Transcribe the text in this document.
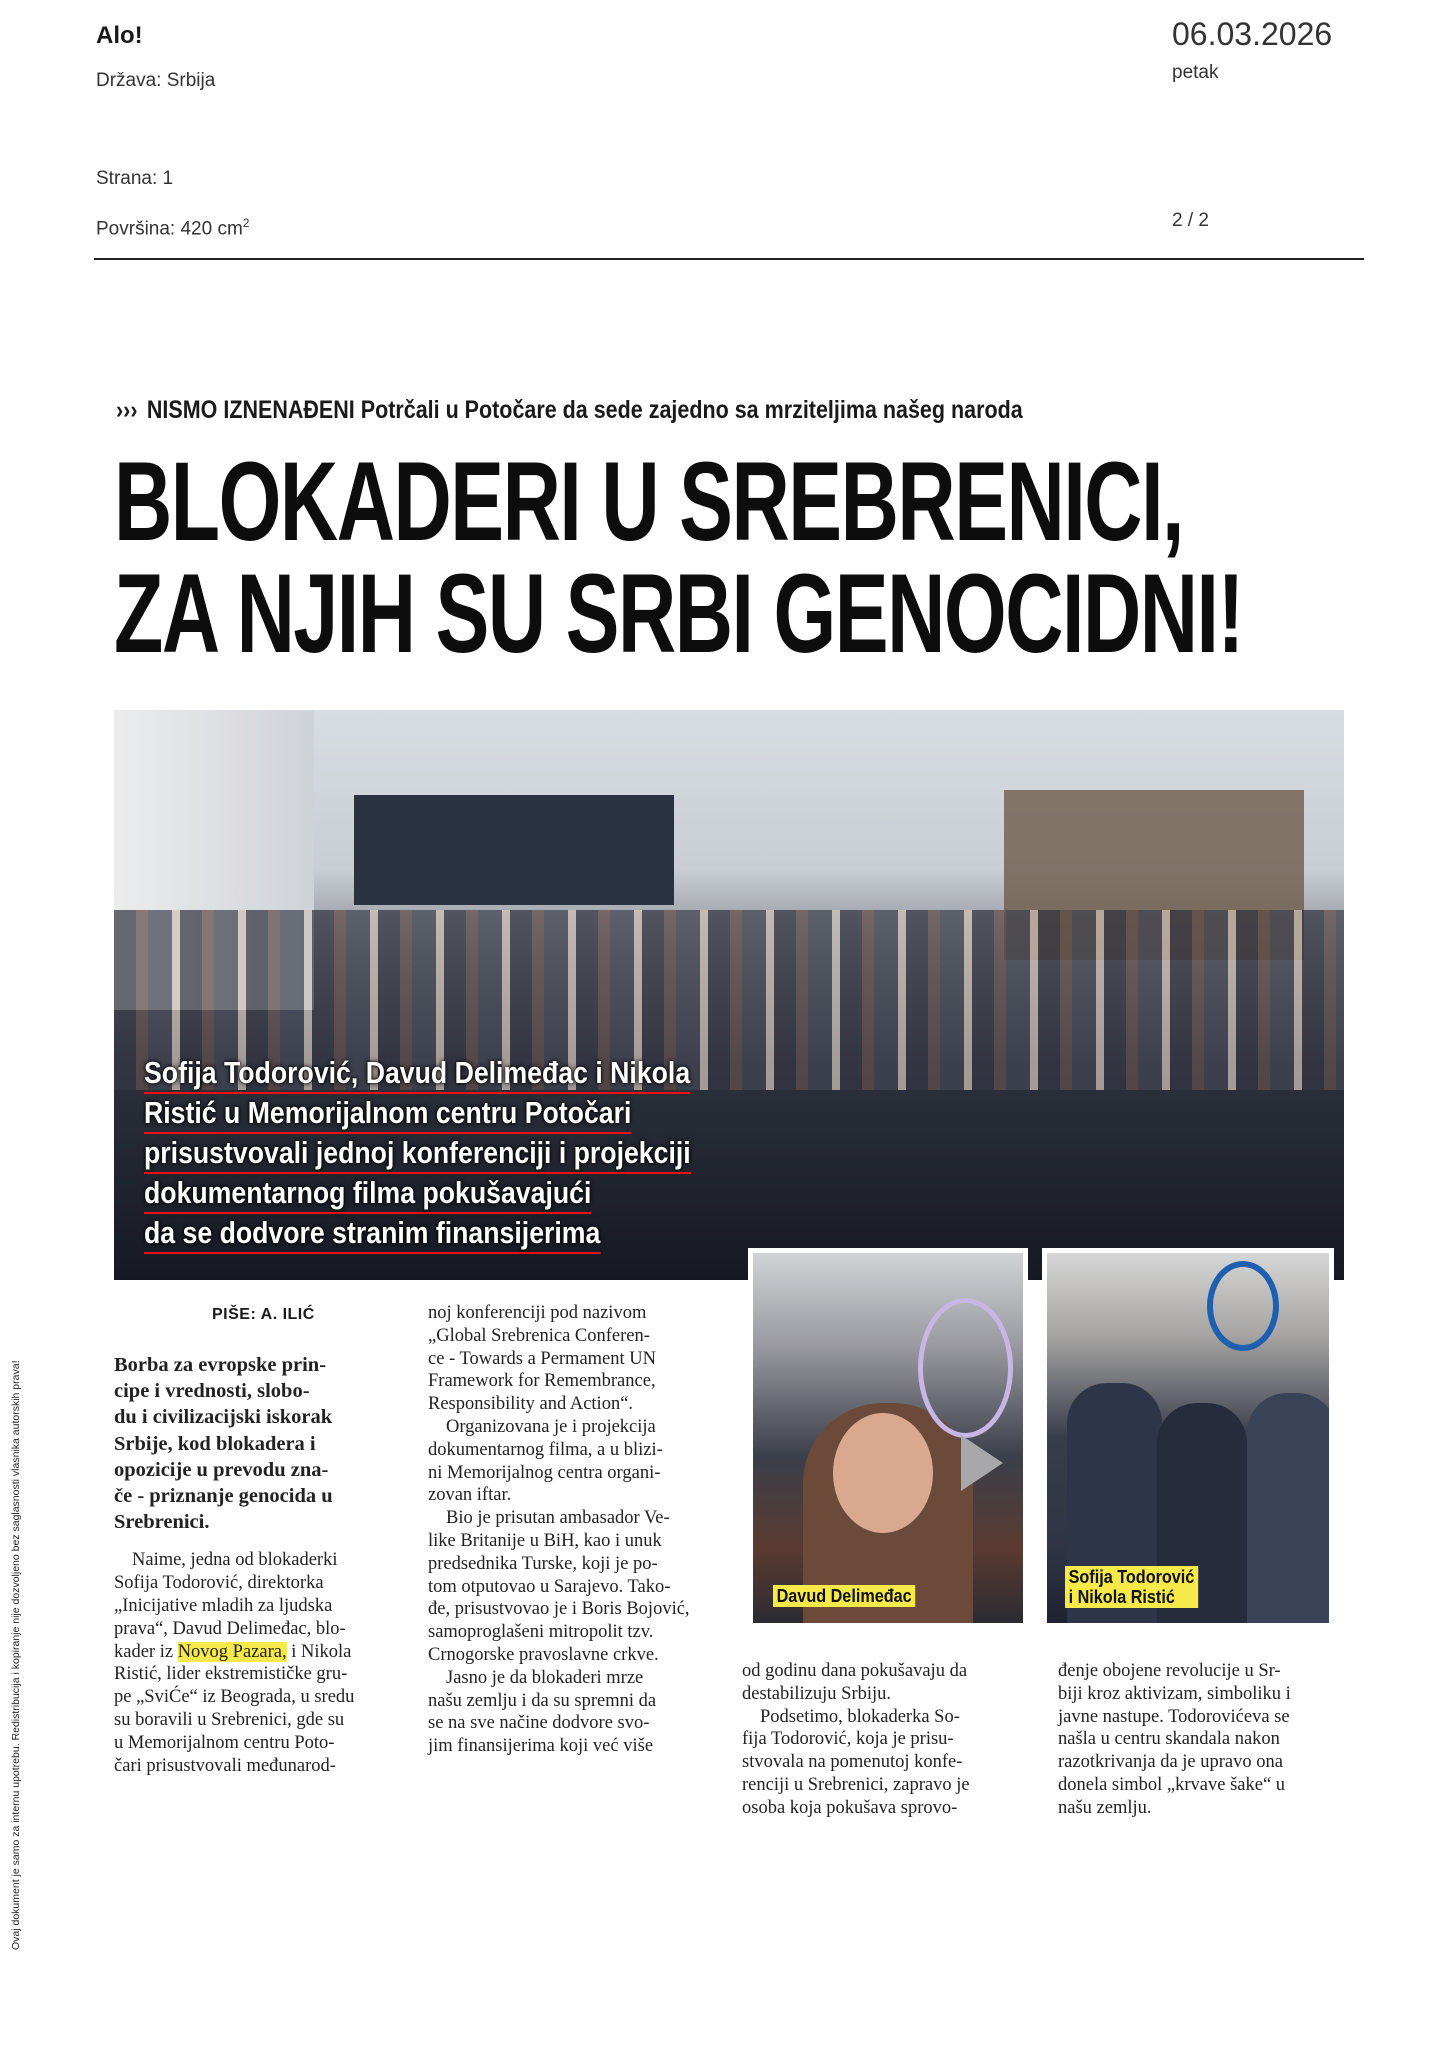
Alo!
Država: Srbija
06.03.2026
petak
Strana: 1
Površina: 420 $cm^2$	2 / 2
Ovaj dokument je samo za internu upotrebu. Redistribucija i kopiranje nije dozvoljeno bez saglasnosti vlasnika autorskih prava!
››› NISMO IZNENAĐENI Potrčali u Potočare da sede zajedno sa mrziteljima našeg naroda
BLOKADERI U SREBRENICI,
ZA NJIH SU SRBI GENOCIDNI!
Sofija Todorović, Davud Delimeđac i Nikola
Ristić u Memorijalnom centru Potočari
prisustvovali jednoj konferenciji i projekciji
dokumentarnog filma pokušavajući
da se dodvore stranim finansijerima
Davud Delimeđac
Sofija Todorović
i Nikola Ristić
PIŠE: A. ILIĆ

Borba za evropske prin-

cipe i vrednosti, slobo-

du i civilizacijski iskorak

Srbije, kod blokadera i

opozicije u prevodu zna-

če - priznanje genocida u

Srebrenici.

Naime, jedna od blokaderki

Sofija Todorović, direktorka

„Inicijative mladih za ljudska

prava“, Davud Delimeđac, blo-

kader iz Novog Pazara, i Nikola

Ristić, lider ekstremističke gru-

pe „SviĆe“ iz Beograda, u sredu

su boravili u Srebrenici, gde su

u Memorijalnom centru Poto-

čari prisustvovali međunarod-

noj konferenciji pod nazivom

„Global Srebrenica Conferen-

ce - Towards a Permament UN

Framework for Remembrance,

Responsibility and Action“.

Organizovana je i projekcija

dokumentarnog filma, a u blizi-

ni Memorijalnog centra organi-

zovan iftar.

Bio je prisutan ambasador Ve-

like Britanije u BiH, kao i unuk

predsednika Turske, koji je po-

tom otputovao u Sarajevo. Tako-

đe, prisustvovao je i Boris Bojović,

samoproglašeni mitropolit tzv.

Crnogorske pravoslavne crkve.

Jasno je da blokaderi mrze

našu zemlju i da su spremni da

se na sve načine dodvore svo-

jim finansijerima koji već više

od godinu dana pokušavaju da

destabilizuju Srbiju.

Podsetimo, blokaderka So-

fija Todorović, koja je prisu-

stvovala na pomenutoj konfe-

renciji u Srebrenici, zapravo je

osoba koja pokušava sprovo-

đenje obojene revolucije u Sr-

biji kroz aktivizam, simboliku i

javne nastupe. Todorovićeva se

našla u centru skandala nakon

razotkrivanja da je upravo ona

donela simbol „krvave šake“ u

našu zemlju.
